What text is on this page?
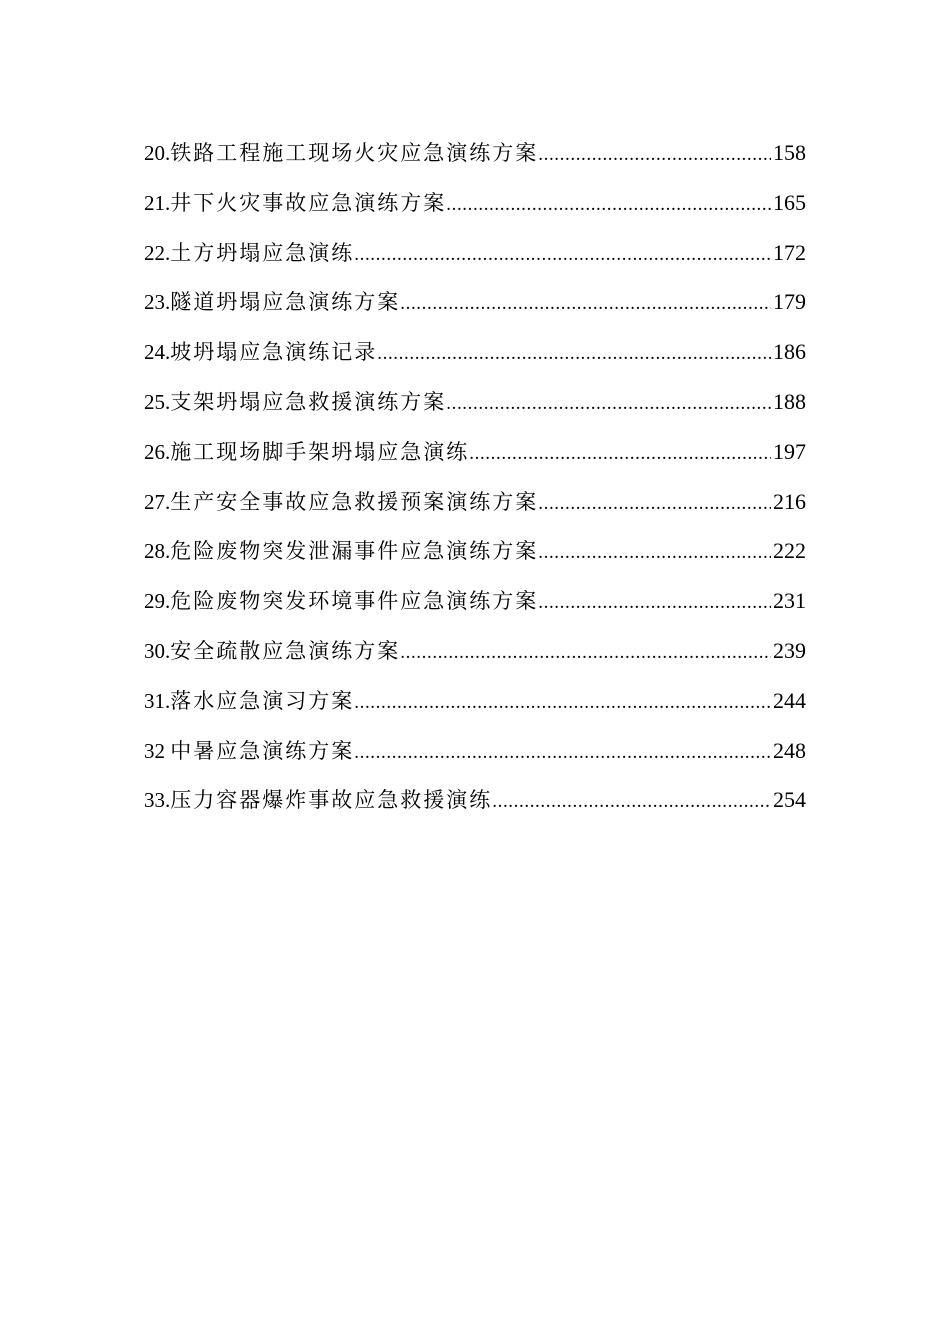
20.铁路工程施工现场火灾应急演练方案 .....	158
21.井下火灾事故应急演练方案 .....	165
22.土方坍塌应急演练 .....	172
23.隧道坍塌应急演练方案 .....	179
24.坡坍塌应急演练记录 .....	186
25.支架坍塌应急救援演练方案 .....	188
26.施工现场脚手架坍塌应急演练 .....	197
27.生产安全事故应急救援预案演练方案 .....	216
28.危险废物突发泄漏事件应急演练方案 .....	222
29.危险废物突发环境事件应急演练方案 .....	231
30.安全疏散应急演练方案 .....	239
31.落水应急演习方案 .....	244
32 中暑应急演练方案 .....	248
33.压力容器爆炸事故应急救援演练 .....	254
